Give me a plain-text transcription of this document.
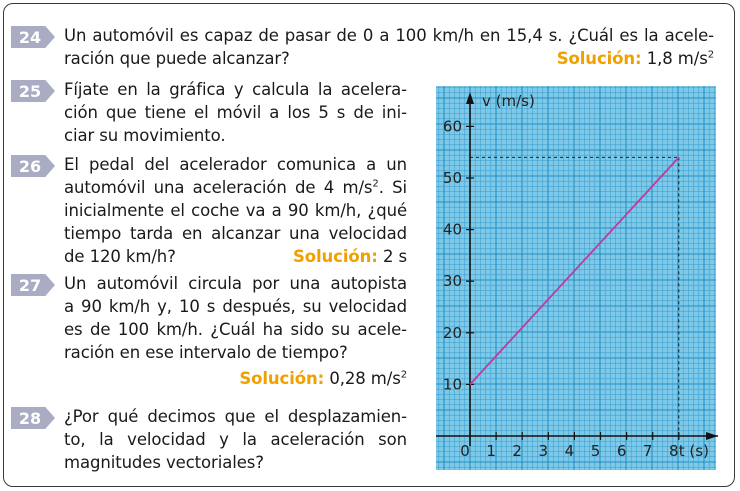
24 Un automóvil es capaz de pasar de 0 a 100 km/h en 15,4 s. ¿Cuál es la acele-
ración que puede alcanzar?	Solución: 1,8 $m/s^2$
25 Fíjate en la gráfica y calcula la acelera-
ción que tiene el móvil a los 5 s de ini-
ciar su movimiento.
26 El pedal del acelerador comunica a un
automóvil una aceleración de 4 $m/s^2$. Si
inicialmente el coche va a 90 km/h, ¿qué
tiempo tarda en alcanzar una velocidad
de 120 km/h?	Solución: 2 s
27 Un automóvil circula por una autopista
a 90 km/h y, 10 s después, su velocidad
es de 100 km/h. ¿Cuál ha sido su acele-
ración en ese intervalo de tiempo?
Solución: 0,28 $m/s^2$
28 ¿Por qué decimos que el desplazamien-
to, la velocidad y la aceleración son
magnitudes vectoriales?
0 1 2 3 4 5 6 7 8
10
20
30
40
50
60
v (m/s)
t (s)
